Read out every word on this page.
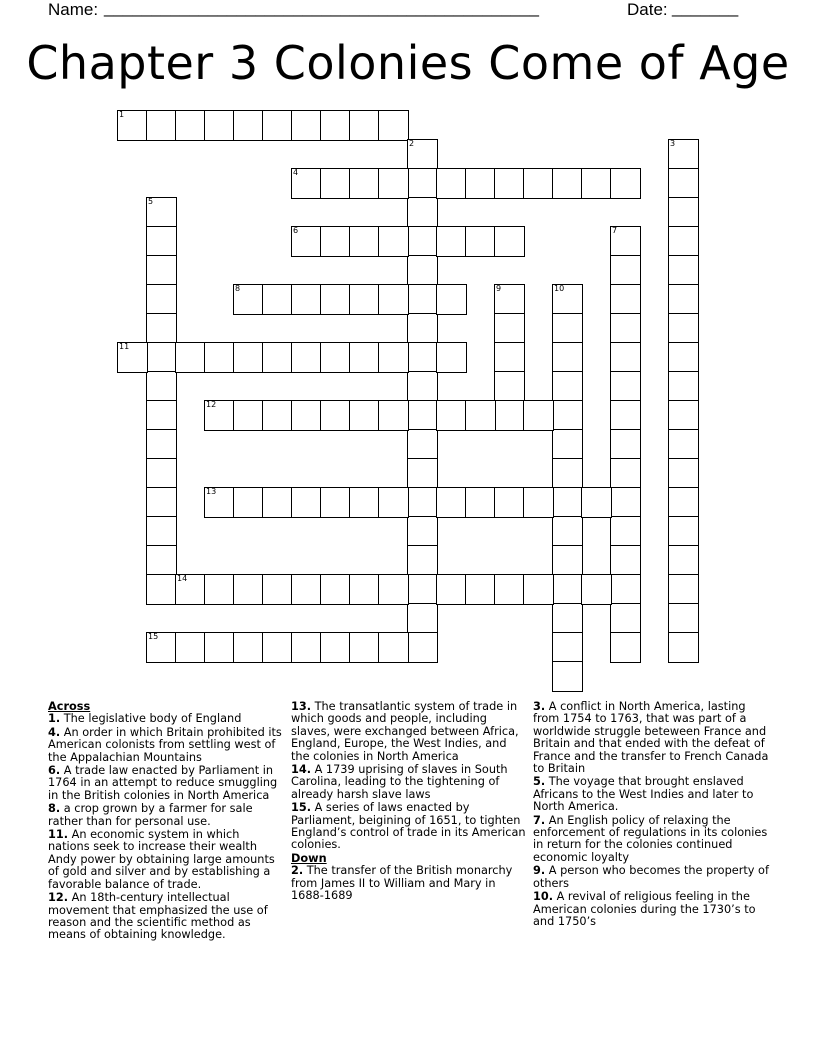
Name: ______________________________________________	Date: _______
Chapter 3 Colonies Come of Age
1
2	3
4
5
6	7
8	9	10
11
12
13
14
15
Across
1. The legislative body of England
4. An order in which Britain prohibited its American colonists from settling west of the Appalachian Mountains
6. A trade law enacted by Parliament in 1764 in an attempt to reduce smuggling in the British colonies in North America
8. a crop grown by a farmer for sale rather than for personal use.
11. An economic system in which nations seek to increase their wealth Andy power by obtaining large amounts of gold and silver and by establishing a favorable balance of trade.
12. An 18th-century intellectual movement that emphasized the use of reason and the scientific method as means of obtaining knowledge.
13. The transatlantic system of trade in which goods and people, including slaves, were exchanged between Africa, England, Europe, the West Indies, and the colonies in North America
14. A 1739 uprising of slaves in South Carolina, leading to the tightening of already harsh slave laws
15. A series of laws enacted by Parliament, beigining of 1651, to tighten England’s control of trade in its American colonies.
Down
2. The transfer of the British monarchy from James II to William and Mary in 1688-1689
3. A conflict in North America, lasting from 1754 to 1763, that was part of a worldwide struggle beteween France and Britain and that ended with the defeat of France and the transfer to French Canada to Britain
5. The voyage that brought enslaved Africans to the West Indies and later to North America.
7. An English policy of relaxing the enforcement of regulations in its colonies in return for the colonies continued economic loyalty
9. A person who becomes the property of others
10. A revival of religious feeling in the American colonies during the 1730’s to and 1750’s
